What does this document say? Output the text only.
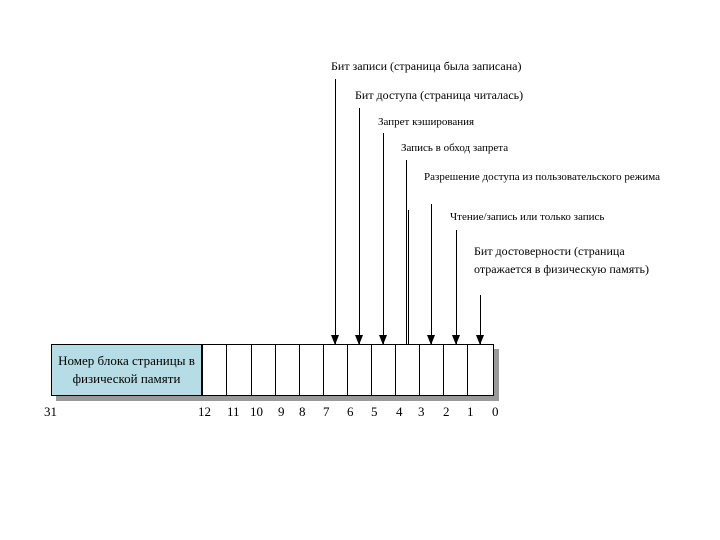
Бит записи (страница была записана)
Бит доступа (страница читалась)
Запрет кэширования
Запись в обход запрета
Разрешение доступа из пользовательского режима
Чтение/запись или только запись
Бит достоверности (страница отражается в физическую память)
Номер блока страницы в физической памяти
31	12 11 10 9 8 7 6 5 4 3 2 1 0
